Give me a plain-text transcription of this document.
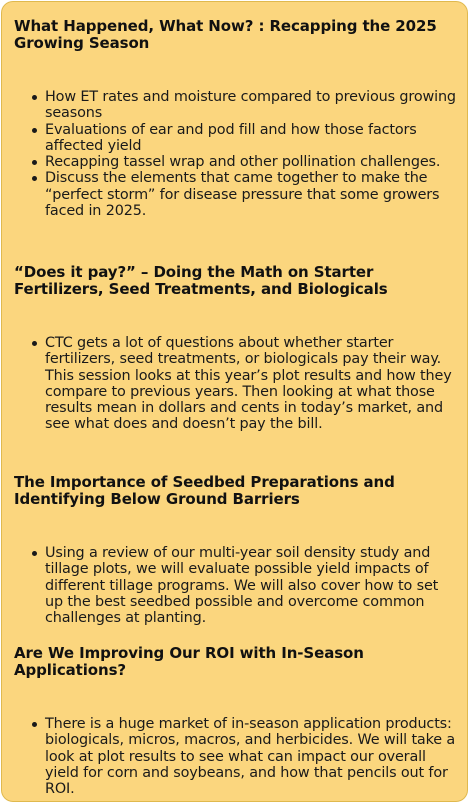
What Happened, What Now? : Recapping the 2025 Growing Season
How ET rates and moisture compared to previous growing seasons
Evaluations of ear and pod fill and how those factors affected yield
Recapping tassel wrap and other pollination challenges.
Discuss the elements that came together to make the “perfect storm” for disease pressure that some growers faced in 2025.
“Does it pay?” – Doing the Math on Starter Fertilizers, Seed Treatments, and Biologicals
CTC gets a lot of questions about whether starter fertilizers, seed treatments, or biologicals pay their way. This session looks at this year’s plot results and how they compare to previous years. Then looking at what those results mean in dollars and cents in today’s market, and see what does and doesn’t pay the bill.
The Importance of Seedbed Preparations and Identifying Below Ground Barriers
Using a review of our multi-year soil density study and tillage plots, we will evaluate possible yield impacts of different tillage programs. We will also cover how to set up the best seedbed possible and overcome common challenges at planting.
Are We Improving Our ROI with In-Season Applications?
There is a huge market of in-season application products: biologicals, micros, macros, and herbicides. We will take a look at plot results to see what can impact our overall yield for corn and soybeans, and how that pencils out for ROI.
